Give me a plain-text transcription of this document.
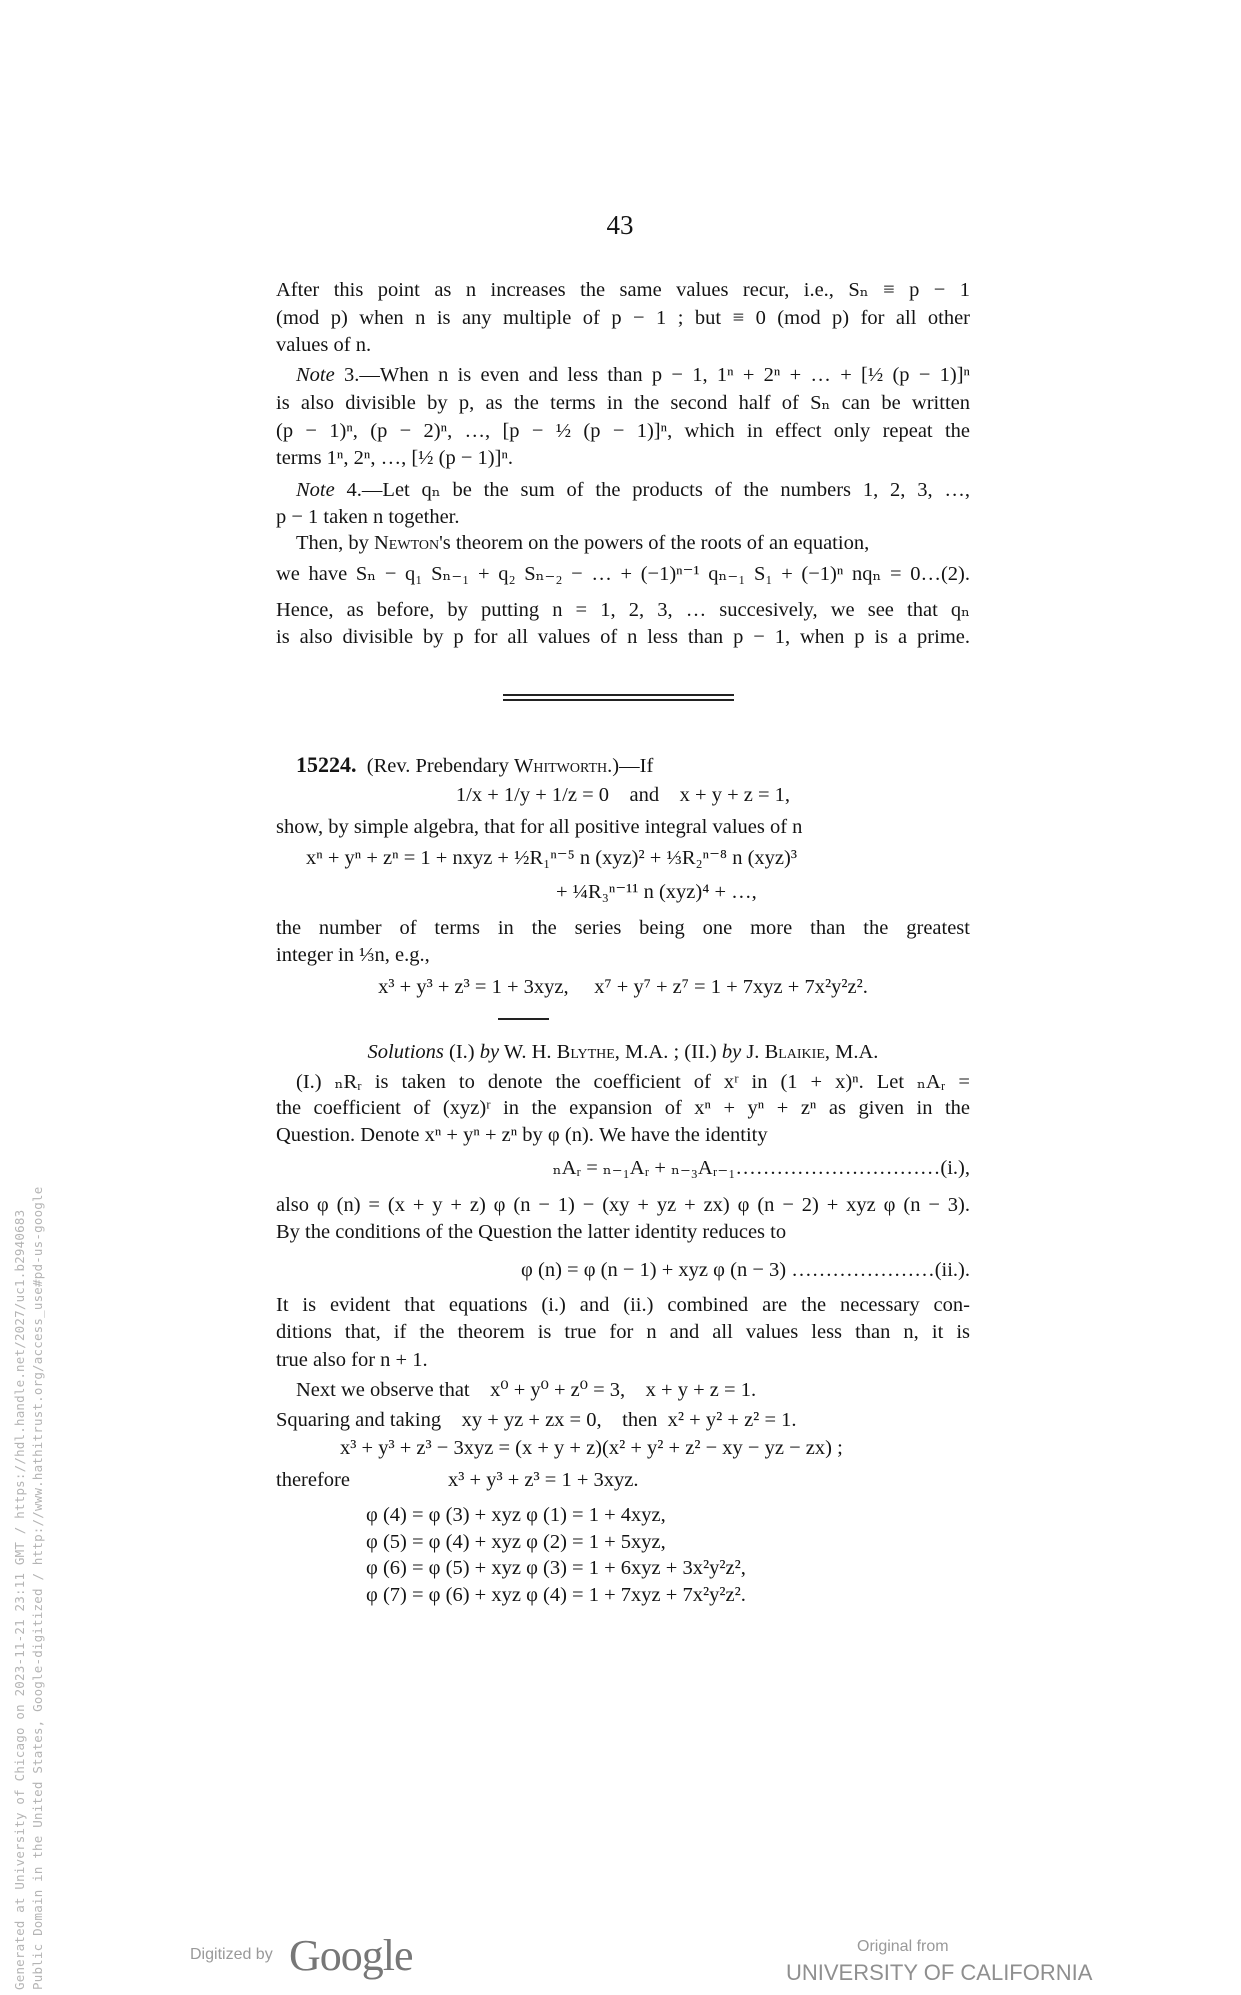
Generated at University of Chicago on 2023-11-21 23:11 GMT / https://hdl.handle.net/2027/uc1.b2940683 Public Domain in the United States, Google-digitized / http://www.hathitrust.org/access_use#pd-us-google
43
After this point as n increases the same values recur, i.e., Sₙ ≡ p − 1
(mod p) when n is any multiple of p − 1 ; but ≡ 0 (mod p) for all other
values of n.
Note 3.—When n is even and less than p − 1, 1ⁿ + 2ⁿ + … + [½ (p − 1)]ⁿ
is also divisible by p, as the terms in the second half of Sₙ can be written
(p − 1)ⁿ, (p − 2)ⁿ, …, [p − ½ (p − 1)]ⁿ, which in effect only repeat the
terms 1ⁿ, 2ⁿ, …, [½ (p − 1)]ⁿ.
Note 4.—Let qₙ be the sum of the products of the numbers 1, 2, 3, …,
p − 1 taken n together.
Then, by Newton's theorem on the powers of the roots of an equation,
we have Sₙ − q₁ Sₙ₋₁ + q₂ Sₙ₋₂ − … + (−1)ⁿ⁻¹ qₙ₋₁ S₁ + (−1)ⁿ nqₙ = 0…(2).
Hence, as before, by putting n = 1, 2, 3, … succesively, we see that qₙ
is also divisible by p for all values of n less than p − 1, when p is a prime.
15224. (Rev. Prebendary Whitworth.)—If
1/x + 1/y + 1/z = 0    and    x + y + z = 1,
show, by simple algebra, that for all positive integral values of n
xⁿ + yⁿ + zⁿ = 1 + nxyz + ½R₁ⁿ⁻⁵ n (xyz)² + ⅓R₂ⁿ⁻⁸ n (xyz)³
+ ¼R₃ⁿ⁻¹¹ n (xyz)⁴ + …,
the number of terms in the series being one more than the greatest
integer in ⅓n, e.g.,
x³ + y³ + z³ = 1 + 3xyz,     x⁷ + y⁷ + z⁷ = 1 + 7xyz + 7x²y²z².
Solutions (I.) by W. H. Blythe, M.A. ; (II.) by J. Blaikie, M.A.
(I.) ₙRᵣ is taken to denote the coefficient of xʳ in (1 + x)ⁿ. Let ₙAᵣ =
the coefficient of (xyz)ʳ in the expansion of xⁿ + yⁿ + zⁿ as given in the
Question. Denote xⁿ + yⁿ + zⁿ by φ (n). We have the identity
ₙAᵣ = ₙ₋₁Aᵣ + ₙ₋₃Aᵣ₋₁…………………………(i.),
also φ (n) = (x + y + z) φ (n − 1) − (xy + yz + zx) φ (n − 2) + xyz φ (n − 3).
By the conditions of the Question the latter identity reduces to
φ (n) = φ (n − 1) + xyz φ (n − 3) …………………(ii.).
It is evident that equations (i.) and (ii.) combined are the necessary con-
ditions that, if the theorem is true for n and all values less than n, it is
true also for n + 1.
Next we observe that    x⁰ + y⁰ + z⁰ = 3,    x + y + z = 1.
Squaring and taking    xy + yz + zx = 0,    then  x² + y² + z² = 1.
x³ + y³ + z³ − 3xyz = (x + y + z)(x² + y² + z² − xy − yz − zx) ;
therefore	x³ + y³ + z³ = 1 + 3xyz.
φ (4) = φ (3) + xyz φ (1) = 1 + 4xyz,
φ (5) = φ (4) + xyz φ (2) = 1 + 5xyz,
φ (6) = φ (5) + xyz φ (3) = 1 + 6xyz + 3x²y²z²,
φ (7) = φ (6) + xyz φ (4) = 1 + 7xyz + 7x²y²z².
Digitized by Google	Original from
UNIVERSITY OF CALIFORNIA
